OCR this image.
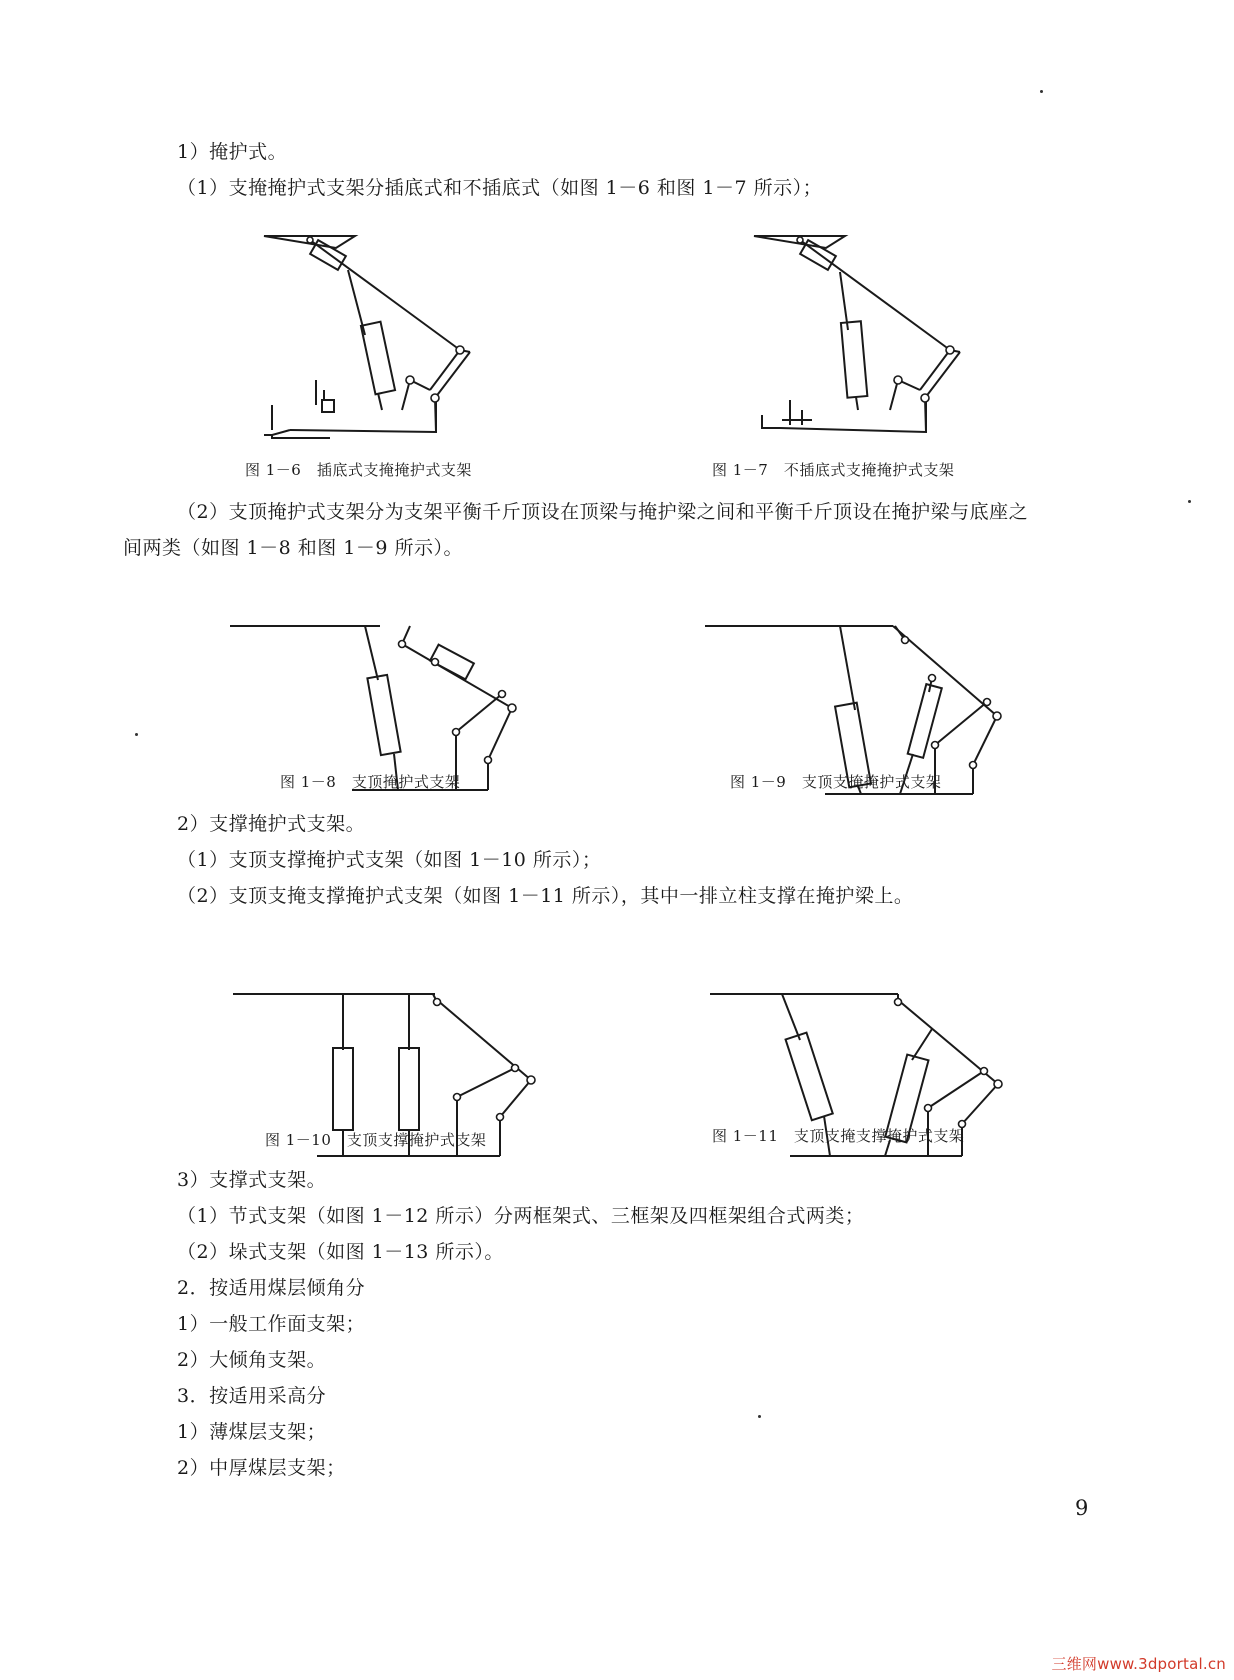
1）掩护式。
（1）支掩掩护式支架分插底式和不插底式（如图 1－6 和图 1－7 所示）；
图 1－6　插底式支掩掩护式支架	图 1－7　不插底式支掩掩护式支架
（2）支顶掩护式支架分为支架平衡千斤顶设在顶梁与掩护梁之间和平衡千斤顶设在掩护梁与底座之
间两类（如图 1－8 和图 1－9 所示）。
图 1－8　支顶掩护式支架	图 1－9　支顶支掩掩护式支架
2）支撑掩护式支架。
（1）支顶支撑掩护式支架（如图 1－10 所示）；
（2）支顶支掩支撑掩护式支架（如图 1－11 所示），其中一排立柱支撑在掩护梁上。
图 1－10　支顶支撑掩护式支架	图 1－11　支顶支掩支撑掩护式支架
3）支撑式支架。
（1）节式支架（如图 1－12 所示）分两框架式、三框架及四框架组合式两类；
（2）垛式支架（如图 1－13 所示）。
2．按适用煤层倾角分
1）一般工作面支架；
2）大倾角支架。
3．按适用采高分
1）薄煤层支架；
2）中厚煤层支架；
9
三维网www.3dportal.cn
